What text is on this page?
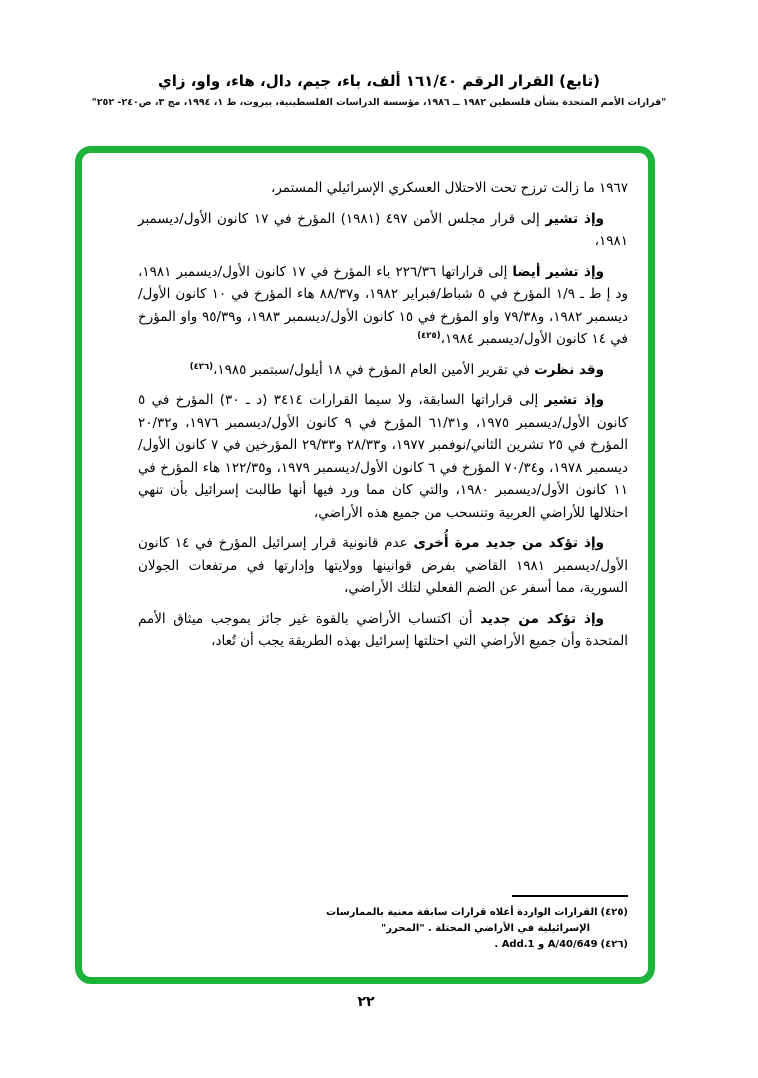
(تابع) القرار الرقم ١٦١/٤٠ ألف، باء، جيم، دال، هاء، واو، زاي
"قرارات الأمم المتحدة بشأن فلسطين ١٩٨٢ ــ ١٩٨٦، مؤسسة الدراسات الفلسطينية، بيروت، ط ١، ١٩٩٤، مج ٣، ص٢٤٠- ٢٥٢"

١٩٦٧ ما زالت ترزح تحت الاحتلال العسكري الإسرائيلي المستمر،

وإذ تشير إلى قرار مجلس الأمن ٤٩٧ (١٩٨١) المؤرخ في ١٧ كانون الأول/ديسمبر ١٩٨١،

وإذ تشير أيضا إلى قراراتها ٢٢٦/٣٦ باء المؤرخ في ١٧ كانون الأول/ديسمبر ١٩٨١، ود إ ط ـ ١/٩ المؤرخ في ٥ شباط/فبراير ١٩٨٢، و٨٨/٣٧ هاء المؤرخ في ١٠ كانون الأول/ديسمبر ١٩٨٢، و٧٩/٣٨ واو المؤرخ في ١٥ كانون الأول/ديسمبر ١٩٨٣، و٩٥/٣٩ واو المؤرخ في ١٤ كانون الأول/ديسمبر ١٩٨٤،$^{(٤٢٥)}$

وقد نظرت في تقرير الأمين العام المؤرخ في ١٨ أيلول/سبتمبر ١٩٨٥،$^{(٤٢٦)}$

وإذ تشير إلى قراراتها السابقة، ولا سيما القرارات ٣٤١٤ (د ـ ٣٠) المؤرخ في ٥ كانون الأول/ديسمبر ١٩٧٥، و٦١/٣١ المؤرخ في ٩ كانون الأول/ديسمبر ١٩٧٦، و٢٠/٣٢ المؤرخ في ٢٥ تشرين الثاني/نوفمبر ١٩٧٧، و٢٨/٣٣ و٢٩/٣٣ المؤرخين في ٧ كانون الأول/ديسمبر ١٩٧٨، و٧٠/٣٤ المؤرخ في ٦ كانون الأول/ديسمبر ١٩٧٩، و١٢٢/٣٥ هاء المؤرخ في ١١ كانون الأول/ديسمبر ١٩٨٠، والتي كان مما ورد فيها أنها طالبت إسرائيل بأن تنهي احتلالها للأراضي العربية وتنسحب من جميع هذه الأراضي،

وإذ تؤكد من جديد مرة أُخرى عدم قانونية قرار إسرائيل المؤرخ في ١٤ كانون الأول/ديسمبر ١٩٨١ القاضي بفرض قوانينها وولايتها وإدارتها في مرتفعات الجولان السورية، مما أسفر عن الضم الفعلي لتلك الأراضي،

وإذ تؤكد من جديد أن اكتساب الأراضي بالقوة غير جائز بموجب ميثاق الأمم المتحدة وأن جميع الأراضي التي احتلتها إسرائيل بهذه الطريقة يجب أن تُعاد،

(٤٢٥)القرارات الواردة أعلاه قرارات سابقة معنية بالممارسات
الإسرائيلية في الأراضي المحتلة . "المحرر"

(٤٢٦)A/40/649 و Add.1 .

٢٢
